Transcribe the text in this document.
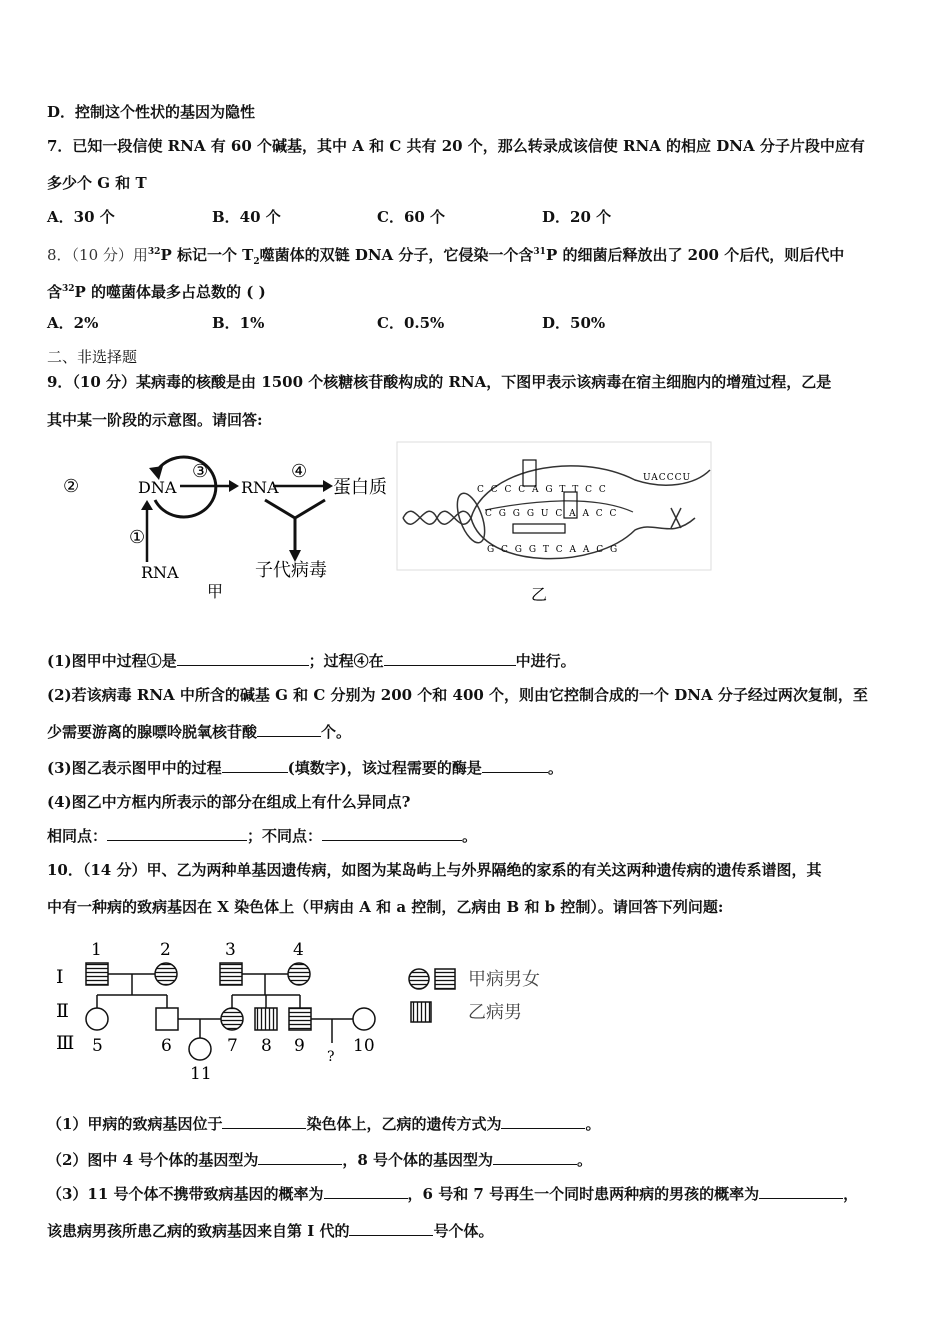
D．控制这个性状的基因为隐性
7．已知一段信使 RNA 有 60 个碱基，其中 A 和 C 共有 20 个，那么转录成该信使 RNA 的相应 DNA 分子片段中应有
多少个 G 和 T
A．30 个	B．40 个	C．60 个	D．20 个
8．（10 分）用$^{32}$P 标记一个 $T_2$噬菌体的双链 DNA 分子，它侵染一个含$^{31}$P 的细菌后释放出了 200 个后代，则后代中
含$^{32}$P 的噬菌体最多占总数的 ( )
A．2%	B．1%	C．0.5%	D．50%
二、非选择题
9．（10 分）某病毒的核酸是由 1500 个核糖核苷酸构成的 RNA，下图甲表示该病毒在宿主细胞内的增殖过程，乙是
其中某一阶段的示意图。请回答:
②	DNA
③
RNA
④
蛋白质
①
RNA	子代病毒
甲
C C C C A G T T C C
C G G G U C A A C C
G C G G T C A A C G
UACCCU
乙
(1)图甲中过程①是	；过程④在	中进行。
(2)若该病毒 RNA 中所含的碱基 G 和 C 分别为 200 个和 400 个，则由它控制合成的一个 DNA 分子经过两次复制，至
少需要游离的腺嘌呤脱氧核苷酸	个。
(3)图乙表示图甲中的过程	(填数字)，该过程需要的酶是	。
(4)图乙中方框内所表示的部分在组成上有什么异同点?
相同点：	；不同点：	。
10．（14 分）甲、乙为两种单基因遗传病，如图为某岛屿上与外界隔绝的家系的有关这两种遗传病的遗传系谱图，其
中有一种病的致病基因在 X 染色体上（甲病由 A 和 a 控制，乙病由 B 和 b 控制）。请回答下列问题:
Ⅰ
Ⅱ
Ⅲ
1	2	3	4
5	6	7 8 9
?
10
11
甲病男女
乙病男
（1）甲病的致病基因位于	染色体上，乙病的遗传方式为	。
（2）图中 4 号个体的基因型为	，8 号个体的基因型为	。
（3）11 号个体不携带致病基因的概率为	，6 号和 7 号再生一个同时患两种病的男孩的概率为	，
该患病男孩所患乙病的致病基因来自第 Ⅰ 代的	号个体。
